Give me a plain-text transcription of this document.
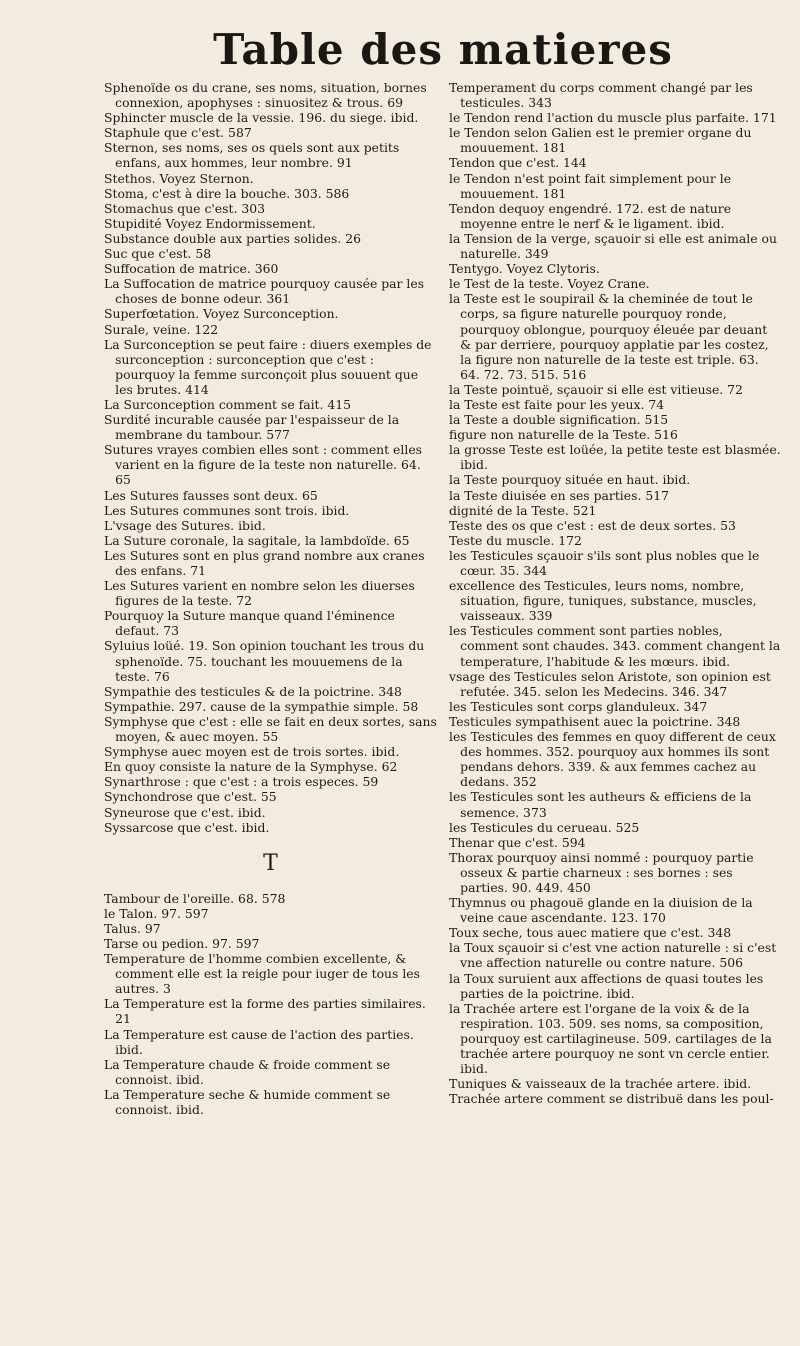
Table des matieres
Sphenoïde os du crane, ses noms, situation, bornes connexion, apophyses : sinuositez & trous. 69
Sphincter muscle de la vessie. 196. du siege. ibid.
Staphule que c'est. 587
Sternon, ses noms, ses os quels sont aux petits enfans, aux hommes, leur nombre. 91
Stethos. Voyez Sternon.
Stoma, c'est à dire la bouche. 303. 586
Stomachus que c'est. 303
Stupidité Voyez Endormissement.
Substance double aux parties solides. 26
Suc que c'est. 58
Suffocation de matrice. 360
La Suffocation de matrice pourquoy causée par les choses de bonne odeur. 361
Superfœtation. Voyez Surconception.
Surale, veine. 122
La Surconception se peut faire : diuers exemples de surconception : surconception que c'est : pourquoy la femme surconçoit plus souuent que les brutes. 414
La Surconception comment se fait. 415
Surdité incurable causée par l'espaisseur de la membrane du tambour. 577
Sutures vrayes combien elles sont : comment elles varient en la figure de la teste non naturelle. 64. 65
Les Sutures fausses sont deux. 65
Les Sutures communes sont trois. ibid.
L'vsage des Sutures. ibid.
La Suture coronale, la sagitale, la lambdoïde. 65
Les Sutures sont en plus grand nombre aux cranes des enfans. 71
Les Sutures varient en nombre selon les diuerses figures de la teste. 72
Pourquoy la Suture manque quand l'éminence defaut. 73
Syluius loüé. 19. Son opinion touchant les trous du sphenoïde. 75. touchant les mouuemens de la teste. 76
Sympathie des testicules & de la poictrine. 348
Sympathie. 297. cause de la sympathie simple. 58
Symphyse que c'est : elle se fait en deux sortes, sans moyen, & auec moyen. 55
Symphyse auec moyen est de trois sortes. ibid.
En quoy consiste la nature de la Symphyse. 62
Synarthrose : que c'est : a trois especes. 59
Synchondrose que c'est. 55
Syneurose que c'est. ibid.
Syssarcose que c'est. ibid.
T
Tambour de l'oreille. 68. 578
le Talon. 97. 597
Talus. 97
Tarse ou pedion. 97. 597
Temperature de l'homme combien excellente, & comment elle est la reigle pour iuger de tous les autres. 3
La Temperature est la forme des parties similaires. 21
La Temperature est cause de l'action des parties. ibid.
La Temperature chaude & froide comment se connoist. ibid.
La Temperature seche & humide comment se connoist. ibid.
Temperament du corps comment changé par les testicules. 343
le Tendon rend l'action du muscle plus parfaite. 171
le Tendon selon Galien est le premier organe du mouuement. 181
Tendon que c'est. 144
le Tendon n'est point fait simplement pour le mouuement. 181
Tendon dequoy engendré. 172. est de nature moyenne entre le nerf & le ligament. ibid.
la Tension de la verge, sçauoir si elle est animale ou naturelle. 349
Tentygo. Voyez Clytoris.
le Test de la teste. Voyez Crane.
la Teste est le soupirail & la cheminée de tout le corps, sa figure naturelle pourquoy ronde, pourquoy oblongue, pourquoy éleuée par deuant & par derriere, pourquoy applatie par les costez, la figure non naturelle de la teste est triple. 63. 64. 72. 73. 515. 516
la Teste pointuë, sçauoir si elle est vitieuse. 72
la Teste est faite pour les yeux. 74
la Teste a double signification. 515
figure non naturelle de la Teste. 516
la grosse Teste est loüée, la petite teste est blasmée. ibid.
la Teste pourquoy située en haut. ibid.
la Teste diuisée en ses parties. 517
dignité de la Teste. 521
Teste des os que c'est : est de deux sortes. 53
Teste du muscle. 172
les Testicules sçauoir s'ils sont plus nobles que le cœur. 35. 344
excellence des Testicules, leurs noms, nombre, situation, figure, tuniques, substance, muscles, vaisseaux. 339
les Testicules comment sont parties nobles, comment sont chaudes. 343. comment changent la temperature, l'habitude & les mœurs. ibid.
vsage des Testicules selon Aristote, son opinion est refutée. 345. selon les Medecins. 346. 347
les Testicules sont corps glanduleux. 347
Testicules sympathisent auec la poictrine. 348
les Testicules des femmes en quoy different de ceux des hommes. 352. pourquoy aux hommes ils sont pendans dehors. 339. & aux femmes cachez au dedans. 352
les Testicules sont les autheurs & efficiens de la semence. 373
les Testicules du cerueau. 525
Thenar que c'est. 594
Thorax pourquoy ainsi nommé : pourquoy partie osseux & partie charneux : ses bornes : ses parties. 90. 449. 450
Thymnus ou phagouë glande en la diuision de la veine caue ascendante. 123. 170
Toux seche, tous auec matiere que c'est. 348
la Toux sçauoir si c'est vne action naturelle : si c'est vne affection naturelle ou contre nature. 506
la Toux suruient aux affections de quasi toutes les parties de la poictrine. ibid.
la Trachée artere est l'organe de la voix & de la respiration. 103. 509. ses noms, sa composition, pourquoy est cartilagineuse. 509. cartilages de la trachée artere pourquoy ne sont vn cercle entier. ibid.
Tuniques & vaisseaux de la trachée artere. ibid.
Trachée artere comment se distribuë dans les poul-
